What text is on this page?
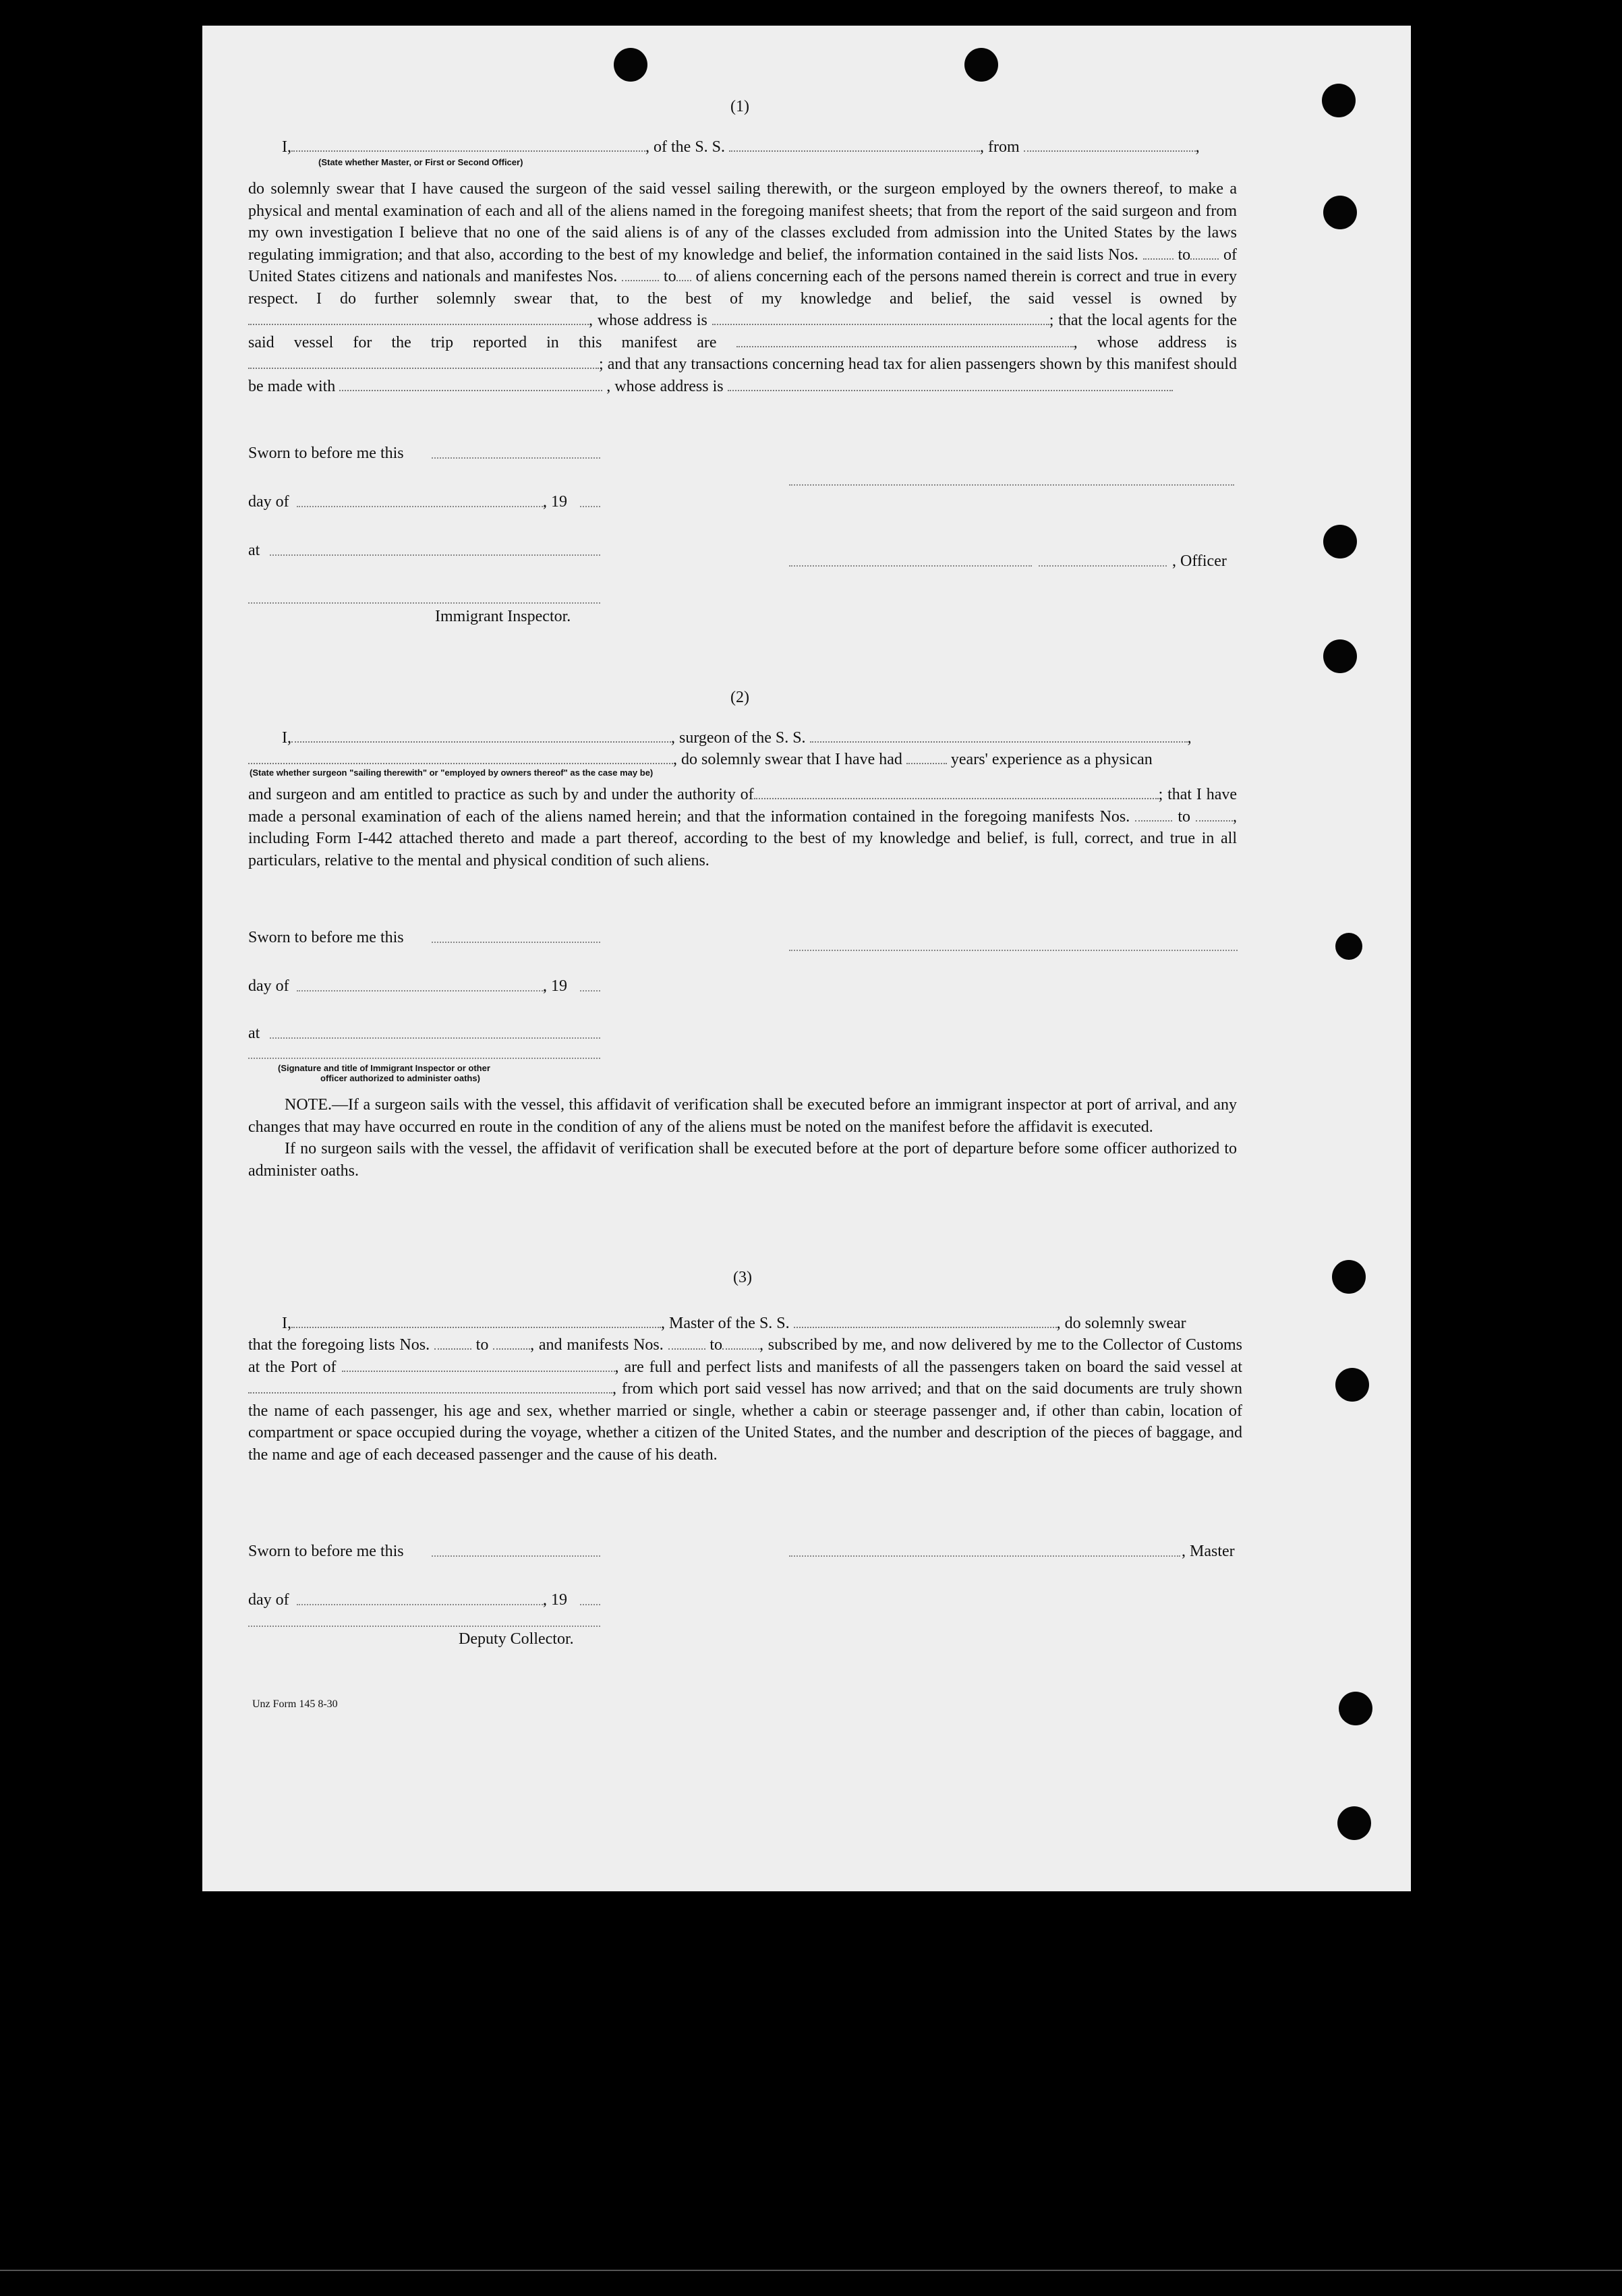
(1)
I,	, of the S. S.	, from	,
(State whether Master, or First or Second Officer)

do solemnly swear that I have caused the surgeon of the said vessel sailing therewith, or the surgeon employed by the owners thereof, to make a physical and mental examination of each and all of the aliens named in the foregoing manifest sheets; that from the report of the said surgeon and from my own investigation I believe that no one of the said aliens is of any of the classes excluded from admission into the United States by the laws regulating immigration; and that also, according to the best of my knowledge and belief, the information contained in the said lists Nos. to of United States citizens and nationals and manifestes Nos.	to of aliens concerning each of the persons named therein is correct and true in every respect. I do further solemnly swear that, to the best of my knowledge and belief, the said vessel is owned by , whose address is	; that the local agents for the said vessel for the trip reported in this manifest are	, whose address is ; and that any transactions concerning head tax for alien passengers shown by this manifest should be made with	, whose address is

Sworn to before me this
day of	, 19
at
, Officer
Immigrant Inspector.
(2)
I,	, surgeon of the S. S.	,
, do solemnly swear that I have had	years' experience as a physican
(State whether surgeon "sailing therewith" or "employed by owners thereof" as the case may be)

and surgeon and am entitled to practice as such by and under the authority of	; that I have made a personal examination of each of the aliens named herein; and that the information contained in the foregoing manifests Nos.	to	, including Form I-442 attached thereto and made a part thereof, according to the best of my knowledge and belief, is full, correct, and true in all particulars, relative to the mental and physical condition of such aliens.

Sworn to before me this
day of	, 19
at
(Signature and title of Immigrant Inspector or other
officer authorized to administer oaths)

NOTE.—If a surgeon sails with the vessel, this affidavit of verification shall be executed before an immigrant inspector at port of arrival, and any changes that may have occurred en route in the condition of any of the aliens must be noted on the manifest before the affidavit is executed.

If no surgeon sails with the vessel, the affidavit of verification shall be executed before at the port of departure before some officer authorized to administer oaths.

(3)
I,	, Master of the S. S.	, do solemnly swear

that the foregoing lists Nos.	to	, and manifests Nos.	to , subscribed by me, and now delivered by me to the Collector of Customs at the Port of	, are full and perfect lists and manifests of all the passengers taken on board the said vessel at , from which port said vessel has now arrived; and that on the said documents are truly shown the name of each passenger, his age and sex, whether married or single, whether a cabin or steerage passenger and, if other than cabin, location of compartment or space occupied during the voyage, whether a citizen of the United States, and the number and description of the pieces of baggage, and the name and age of each deceased passenger and the cause of his death.

Sworn to before me this	, Master
day of	, 19
Deputy Collector.
Unz Form 145 8-30
